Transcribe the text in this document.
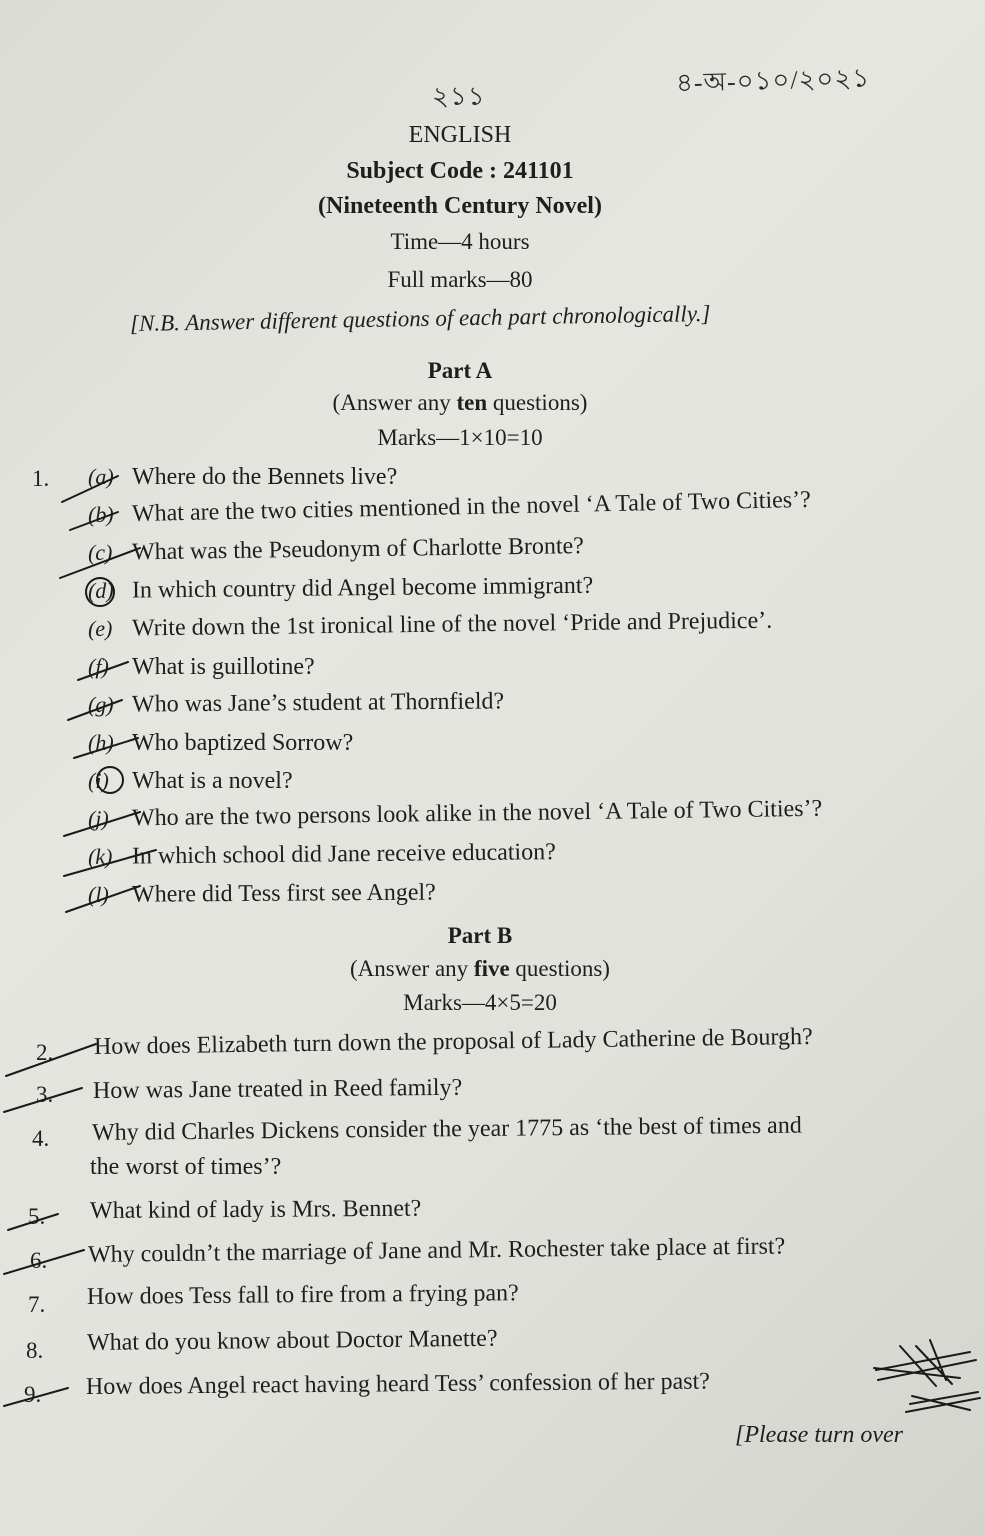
২১১	৪-অ-০১০/২০২১
ENGLISH
Subject Code : 241101
(Nineteenth Century Novel)
Time—4 hours
Full marks—80
[N.B. Answer different questions of each part chronologically.]
Part A
(Answer any ten questions)
Marks—1×10=10
1. (a) Where do the Bennets live?
(b) What are the two cities mentioned in the novel ‘A Tale of Two Cities’?
(c) What was the Pseudonym of Charlotte Bronte?
(d) In which country did Angel become immigrant?
(e) Write down the 1st ironical line of the novel ‘Pride and Prejudice’.
(f) What is guillotine?
(g) Who was Jane’s student at Thornfield?
(h) Who baptized Sorrow?
(i) What is a novel?
(j) Who are the two persons look alike in the novel ‘A Tale of Two Cities’?
(k) In which school did Jane receive education?
(l) Where did Tess first see Angel?
Part B
(Answer any five questions)
Marks—4×5=20
2. How does Elizabeth turn down the proposal of Lady Catherine de Bourgh?
3. How was Jane treated in Reed family?
4. Why did Charles Dickens consider the year 1775 as ‘the best of times and
the worst of times’?
5. What kind of lady is Mrs. Bennet?
6. Why couldn’t the marriage of Jane and Mr. Rochester take place at first?
7. How does Tess fall to fire from a frying pan?
8. What do you know about Doctor Manette?
9. How does Angel react having heard Tess’ confession of her past?
[Please turn over
